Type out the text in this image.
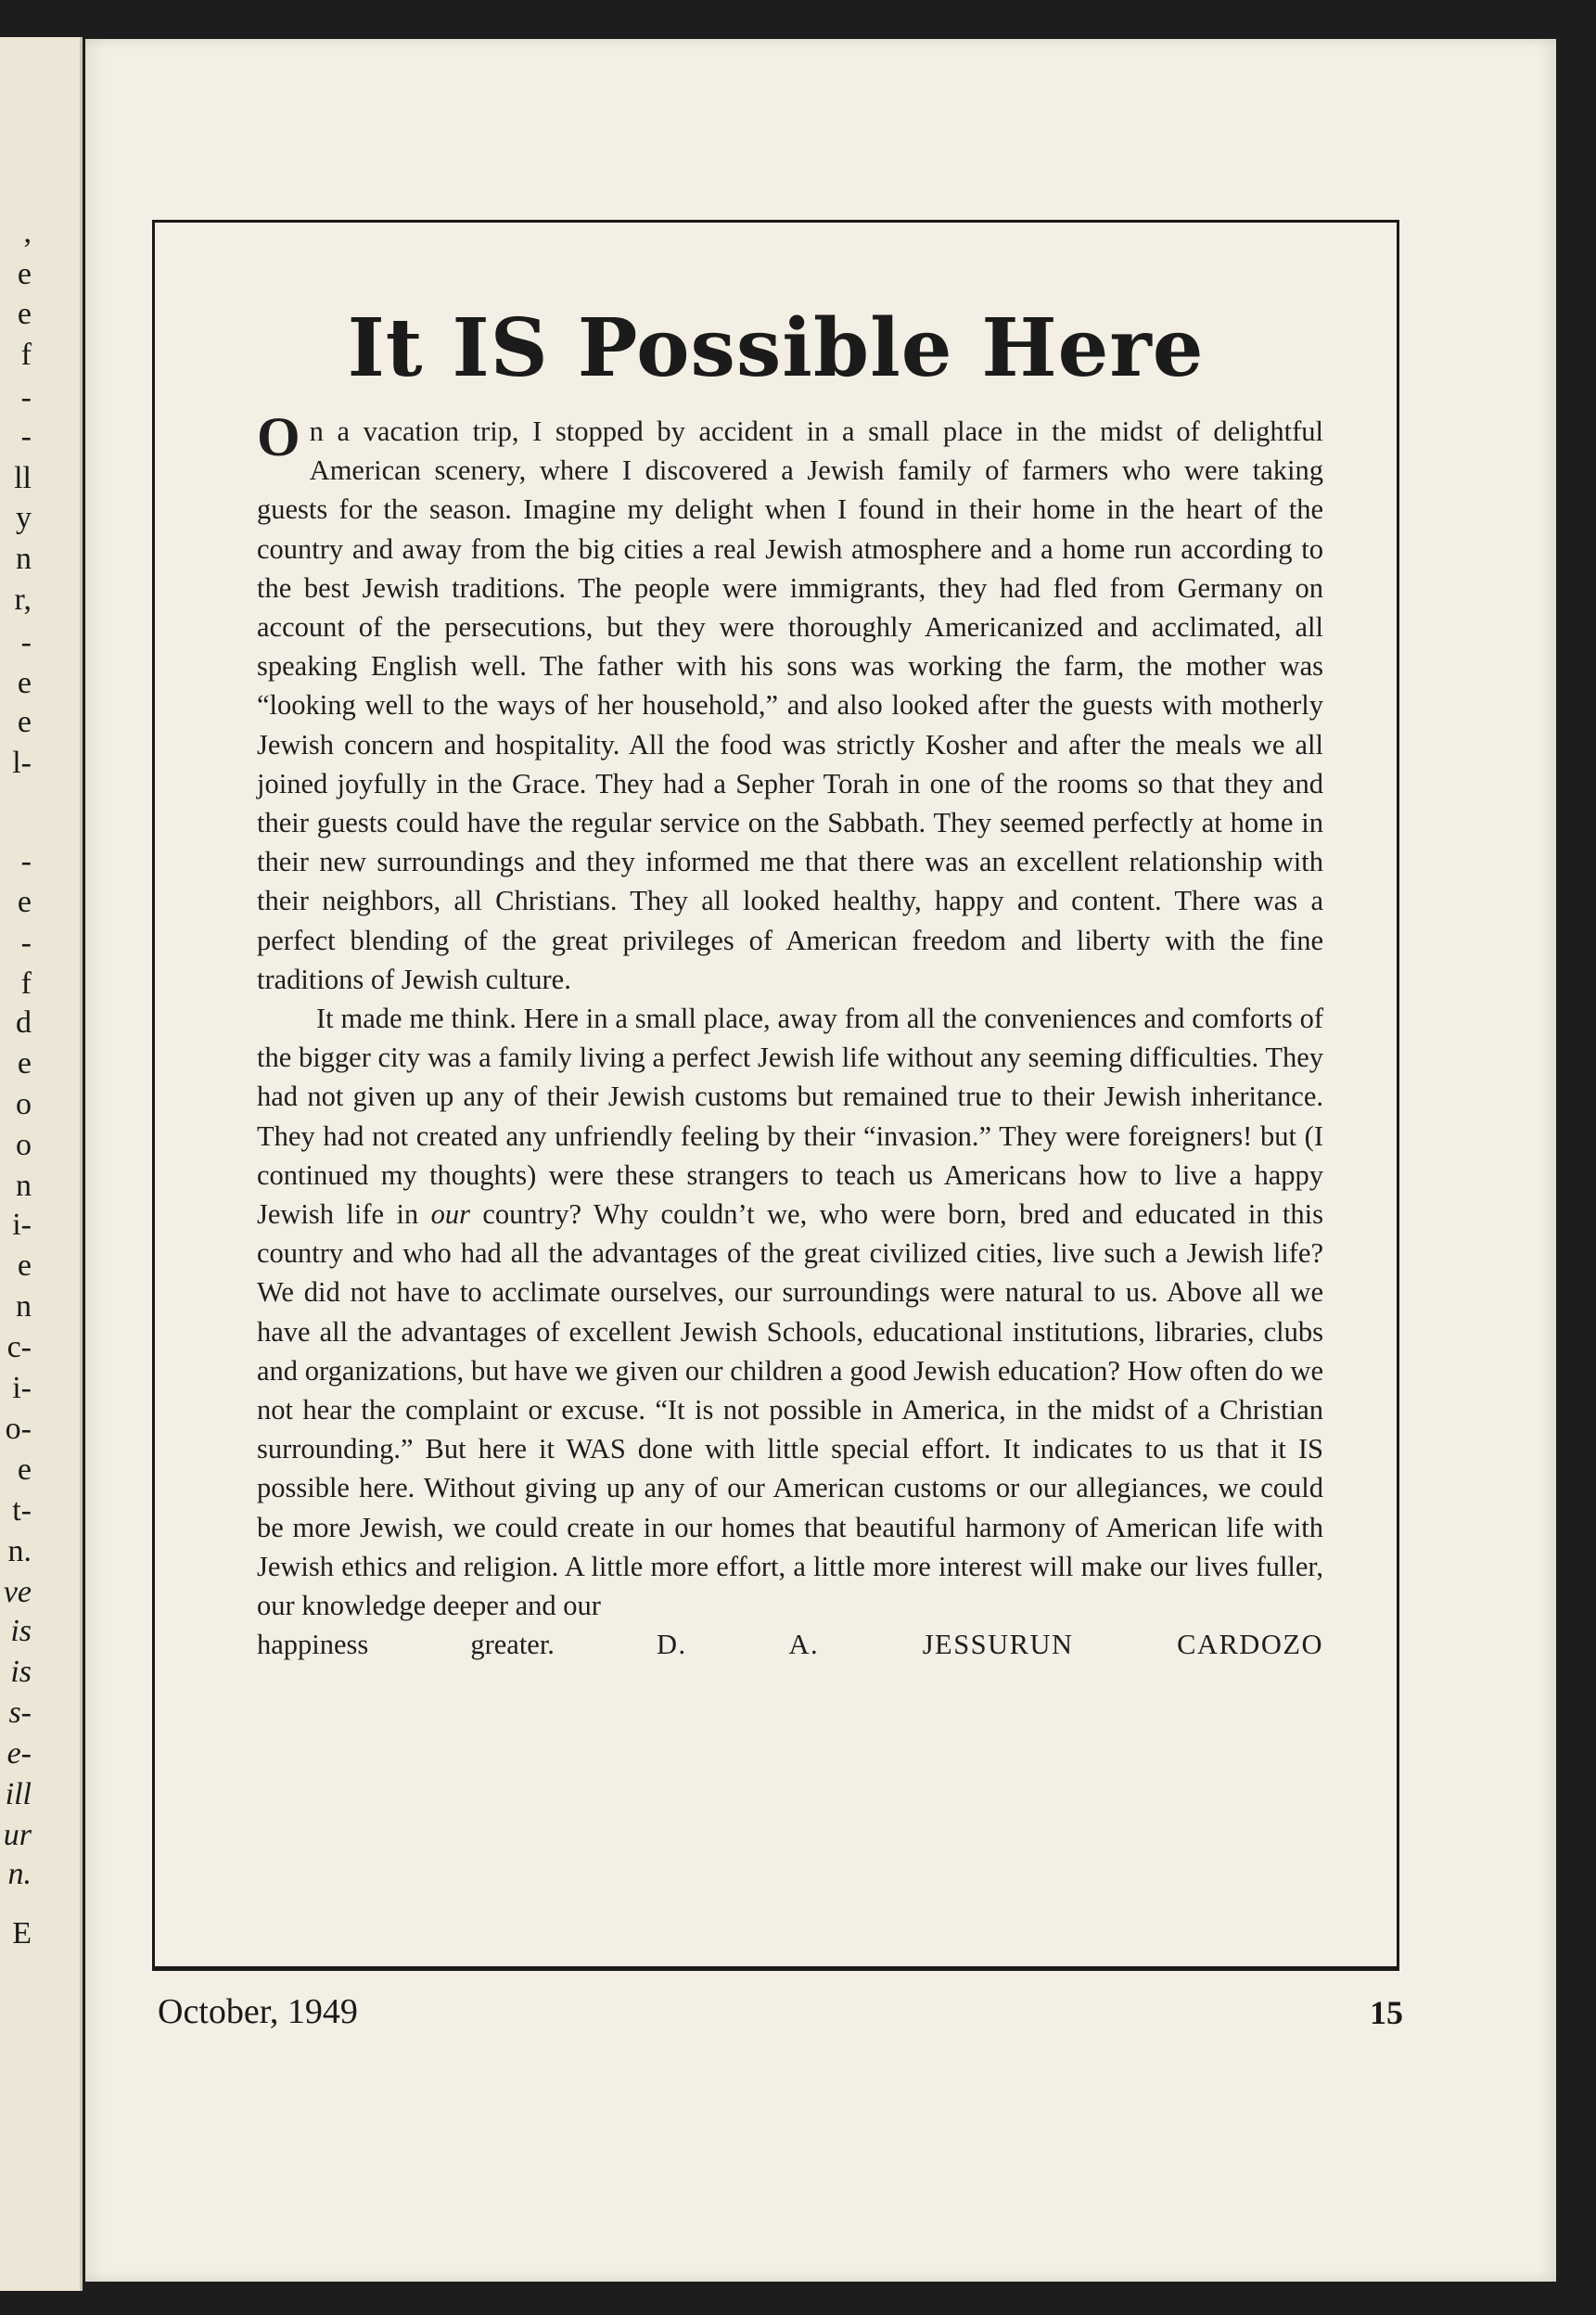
,
e
e
f
-
-
ll
y
n
r,
-
e
e
l-
-
e
-
f
d
e
o
o
n
i-
e
n
c-
i-
o-
e
t-
n.
ve
is
is
s-
e-
ill
ur
n.
E
It IS Possible Here

On a vacation trip, I stopped by accident in a small place in the midst of delightful American scenery, where I discovered a Jewish family of farmers who were taking guests for the season. Imagine my delight when I found in their home in the heart of the country and away from the big cities a real Jewish atmosphere and a home run according to the best Jewish traditions. The people were immigrants, they had fled from Germany on account of the persecutions, but they were thoroughly Americanized and acclimated, all speaking English well. The father with his sons was working the farm, the mother was “looking well to the ways of her household,” and also looked after the guests with motherly Jewish concern and hospitality. All the food was strictly Kosher and after the meals we all joined joyfully in the Grace. They had a Sepher Torah in one of the rooms so that they and their guests could have the regular service on the Sabbath. They seemed perfectly at home in their new surroundings and they informed me that there was an excellent relationship with their neighbors, all Christians. They all looked healthy, happy and content. There was a perfect blending of the great privileges of American freedom and liberty with the fine traditions of Jewish culture.

It made me think. Here in a small place, away from all the conveniences and comforts of the bigger city was a family living a perfect Jewish life without any seeming difficulties. They had not given up any of their Jewish customs but remained true to their Jewish inheritance. They had not created any unfriendly feeling by their “invasion.” They were foreigners! but (I continued my thoughts) were these strangers to teach us Americans how to live a happy Jewish life in our country? Why couldn’t we, who were born, bred and educated in this country and who had all the advantages of the great civilized cities, live such a Jewish life? We did not have to acclimate ourselves, our surroundings were natural to us. Above all we have all the advantages of excellent Jewish Schools, educational institutions, libraries, clubs and organizations, but have we given our children a good Jewish education? How often do we not hear the complaint or excuse. “It is not possible in America, in the midst of a Christian surrounding.” But here it WAS done with little special effort. It indicates to us that it IS possible here. Without giving up any of our American customs or our allegiances, we could be more Jewish, we could create in our homes that beautiful harmony of American life with Jewish ethics and religion. A little more effort, a little more interest will make our lives fuller, our knowledge deeper and our

happiness greater.	D. A. JESSURUN CARDOZO
October, 1949	15
